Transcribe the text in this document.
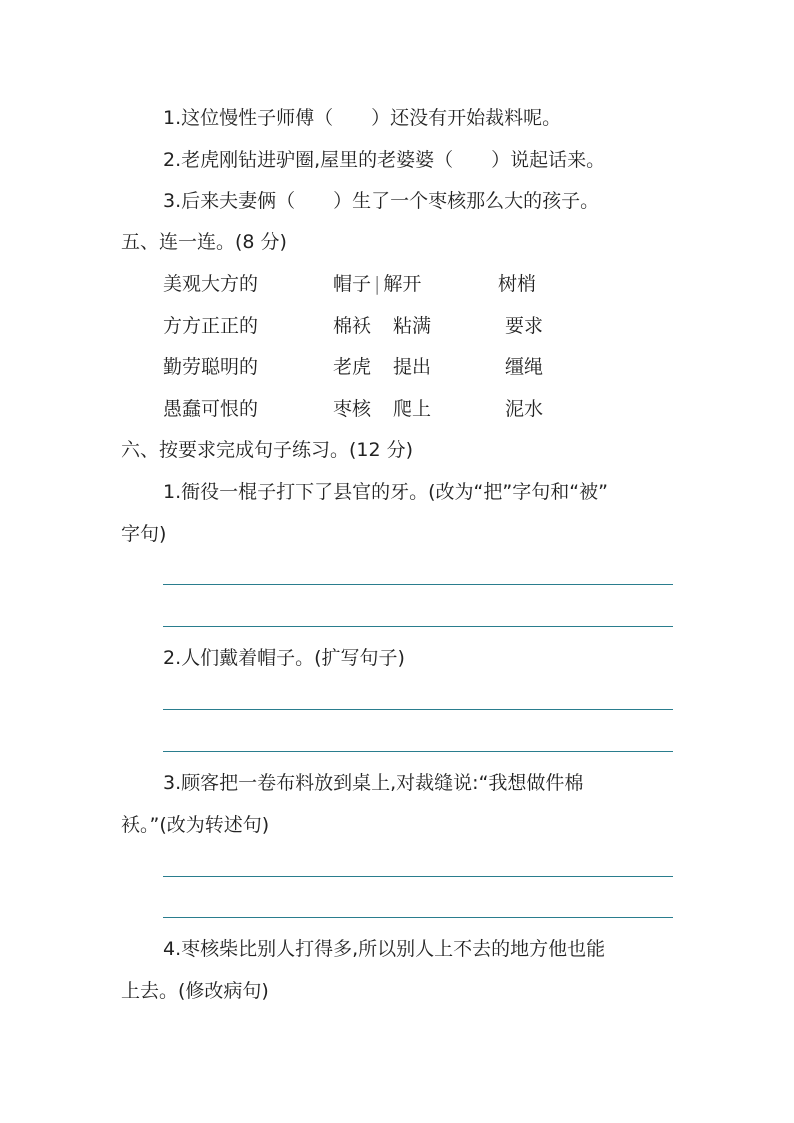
1.这位慢性子师傅（　　）还没有开始裁料呢。
2.老虎刚钻进驴圈,屋里的老婆婆（　　）说起话来。
3.后来夫妻俩（　　）生了一个枣核那么大的孩子。
五、连一连。(8 分)
美观大方的	帽子 | 解开	树梢
方方正正的	棉袄 粘满	要求
勤劳聪明的	老虎 提出	缰绳
愚蠢可恨的	枣核 爬上	泥水
六、按要求完成句子练习。(12 分)
1.衙役一棍子打下了县官的牙。(改为“把”字句和“被”
字句)
2.人们戴着帽子。(扩写句子)
3.顾客把一卷布料放到桌上,对裁缝说:“我想做件棉
袄。”(改为转述句)
4.枣核柴比别人打得多,所以别人上不去的地方他也能
上去。(修改病句)
